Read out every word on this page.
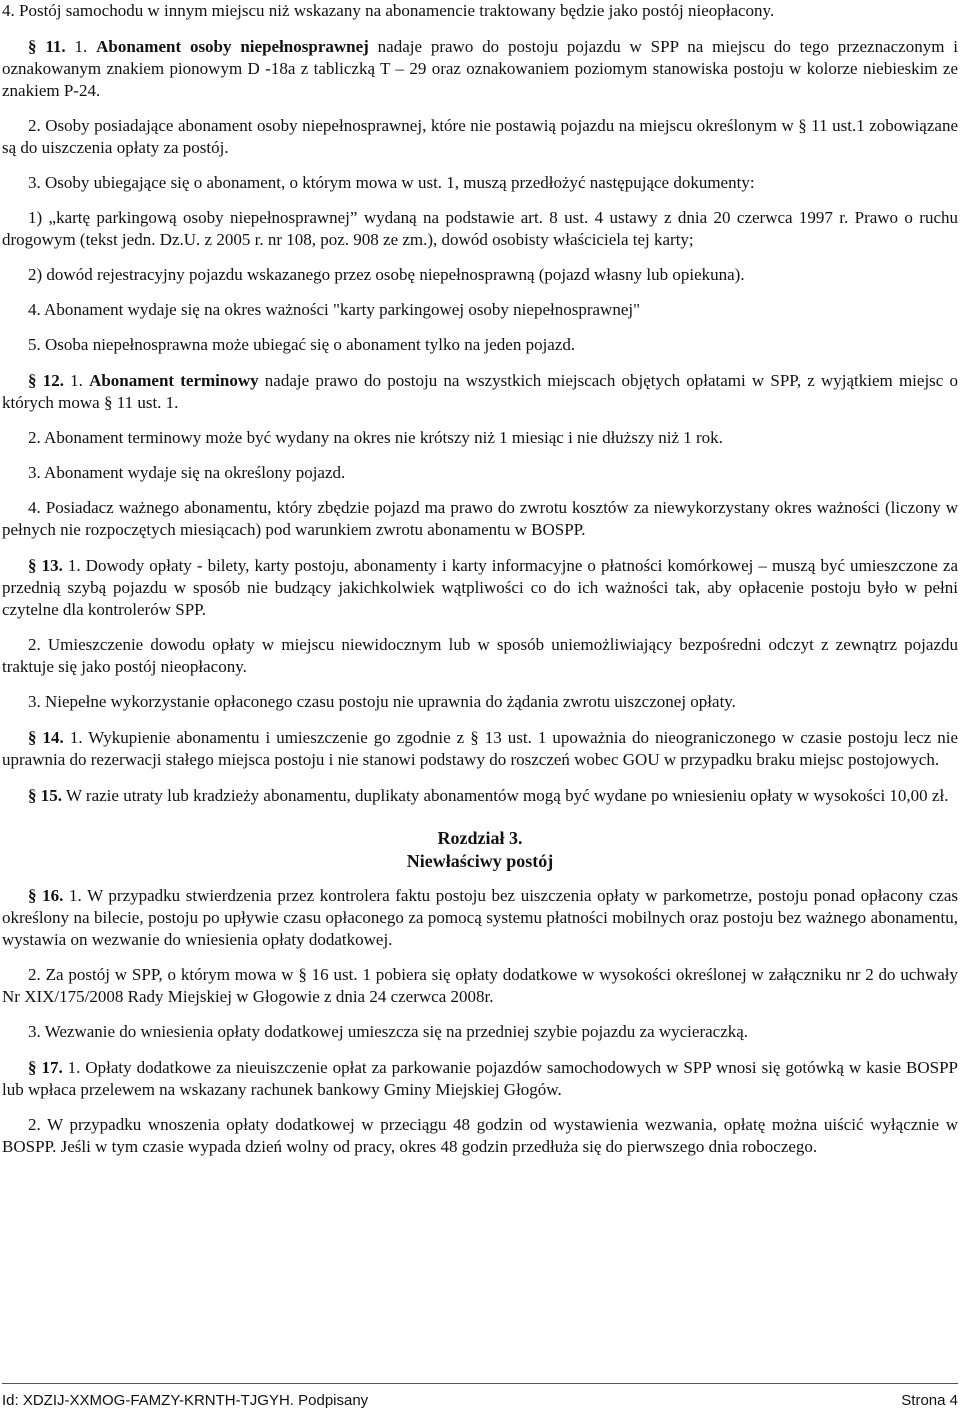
4. Postój samochodu w innym miejscu niż wskazany na abonamencie traktowany będzie jako postój nieopłacony.

§ 11. 1. Abonament osoby niepełnosprawnej nadaje prawo do postoju pojazdu w SPP na miejscu do tego przeznaczonym i oznakowanym znakiem pionowym D -18a z tabliczką T – 29 oraz oznakowaniem poziomym stanowiska postoju w kolorze niebieskim ze znakiem P-24.

2. Osoby posiadające abonament osoby niepełnosprawnej, które nie postawią pojazdu na miejscu określonym w § 11 ust.1 zobowiązane są do uiszczenia opłaty za postój.

3. Osoby ubiegające się o abonament, o którym mowa w ust. 1, muszą przedłożyć następujące dokumenty:

1) „kartę parkingową osoby niepełnosprawnej” wydaną na podstawie art. 8 ust. 4 ustawy z dnia 20 czerwca 1997 r. Prawo o ruchu drogowym (tekst jedn. Dz.U. z 2005 r. nr 108, poz. 908 ze zm.), dowód osobisty właściciela tej karty;

2) dowód rejestracyjny pojazdu wskazanego przez osobę niepełnosprawną (pojazd własny lub opiekuna).

4. Abonament wydaje się na okres ważności "karty parkingowej osoby niepełnosprawnej"

5. Osoba niepełnosprawna może ubiegać się o abonament tylko na jeden pojazd.

§ 12. 1. Abonament terminowy nadaje prawo do postoju na wszystkich miejscach objętych opłatami w SPP, z wyjątkiem miejsc o których mowa § 11 ust. 1.

2. Abonament terminowy może być wydany na okres nie krótszy niż 1 miesiąc i nie dłuższy niż 1 rok.

3. Abonament wydaje się na określony pojazd.

4. Posiadacz ważnego abonamentu, który zbędzie pojazd ma prawo do zwrotu kosztów za niewykorzystany okres ważności (liczony w pełnych nie rozpoczętych miesiącach) pod warunkiem zwrotu abonamentu w BOSPP.

§ 13. 1. Dowody opłaty - bilety, karty postoju, abonamenty i karty informacyjne o płatności komórkowej – muszą być umieszczone za przednią szybą pojazdu w sposób nie budzący jakichkolwiek wątpliwości co do ich ważności tak, aby opłacenie postoju było w pełni czytelne dla kontrolerów SPP.

2. Umieszczenie dowodu opłaty w miejscu niewidocznym lub w sposób uniemożliwiający bezpośredni odczyt z zewnątrz pojazdu traktuje się jako postój nieopłacony.

3. Niepełne wykorzystanie opłaconego czasu postoju nie uprawnia do żądania zwrotu uiszczonej opłaty.

§ 14. 1. Wykupienie abonamentu i umieszczenie go zgodnie z § 13 ust. 1 upoważnia do nieograniczonego w czasie postoju lecz nie uprawnia do rezerwacji stałego miejsca postoju i nie stanowi podstawy do roszczeń wobec GOU w przypadku braku miejsc postojowych.

§ 15. W razie utraty lub kradzieży abonamentu, duplikaty abonamentów mogą być wydane po wniesieniu opłaty w wysokości 10,00 zł.

Rozdział 3.
Niewłaściwy postój

§ 16. 1. W przypadku stwierdzenia przez kontrolera faktu postoju bez uiszczenia opłaty w parkometrze, postoju ponad opłacony czas określony na bilecie, postoju po upływie czasu opłaconego za pomocą systemu płatności mobilnych oraz postoju bez ważnego abonamentu, wystawia on wezwanie do wniesienia opłaty dodatkowej.

2. Za postój w SPP, o którym mowa w § 16 ust. 1 pobiera się opłaty dodatkowe w wysokości określonej w załączniku nr 2 do uchwały Nr XIX/175/2008 Rady Miejskiej w Głogowie z dnia 24 czerwca 2008r.

3. Wezwanie do wniesienia opłaty dodatkowej umieszcza się na przedniej szybie pojazdu za wycieraczką.

§ 17. 1. Opłaty dodatkowe za nieuiszczenie opłat za parkowanie pojazdów samochodowych w SPP wnosi się gotówką w kasie BOSPP lub wpłaca przelewem na wskazany rachunek bankowy Gminy Miejskiej Głogów.

2. W przypadku wnoszenia opłaty dodatkowej w przeciągu 48 godzin od wystawienia wezwania, opłatę można uiścić wyłącznie w BOSPP. Jeśli w tym czasie wypada dzień wolny od pracy, okres 48 godzin przedłuża się do pierwszego dnia roboczego.

Id: XDZIJ-XXMOG-FAMZY-KRNTH-TJGYH. Podpisany	Strona 4
